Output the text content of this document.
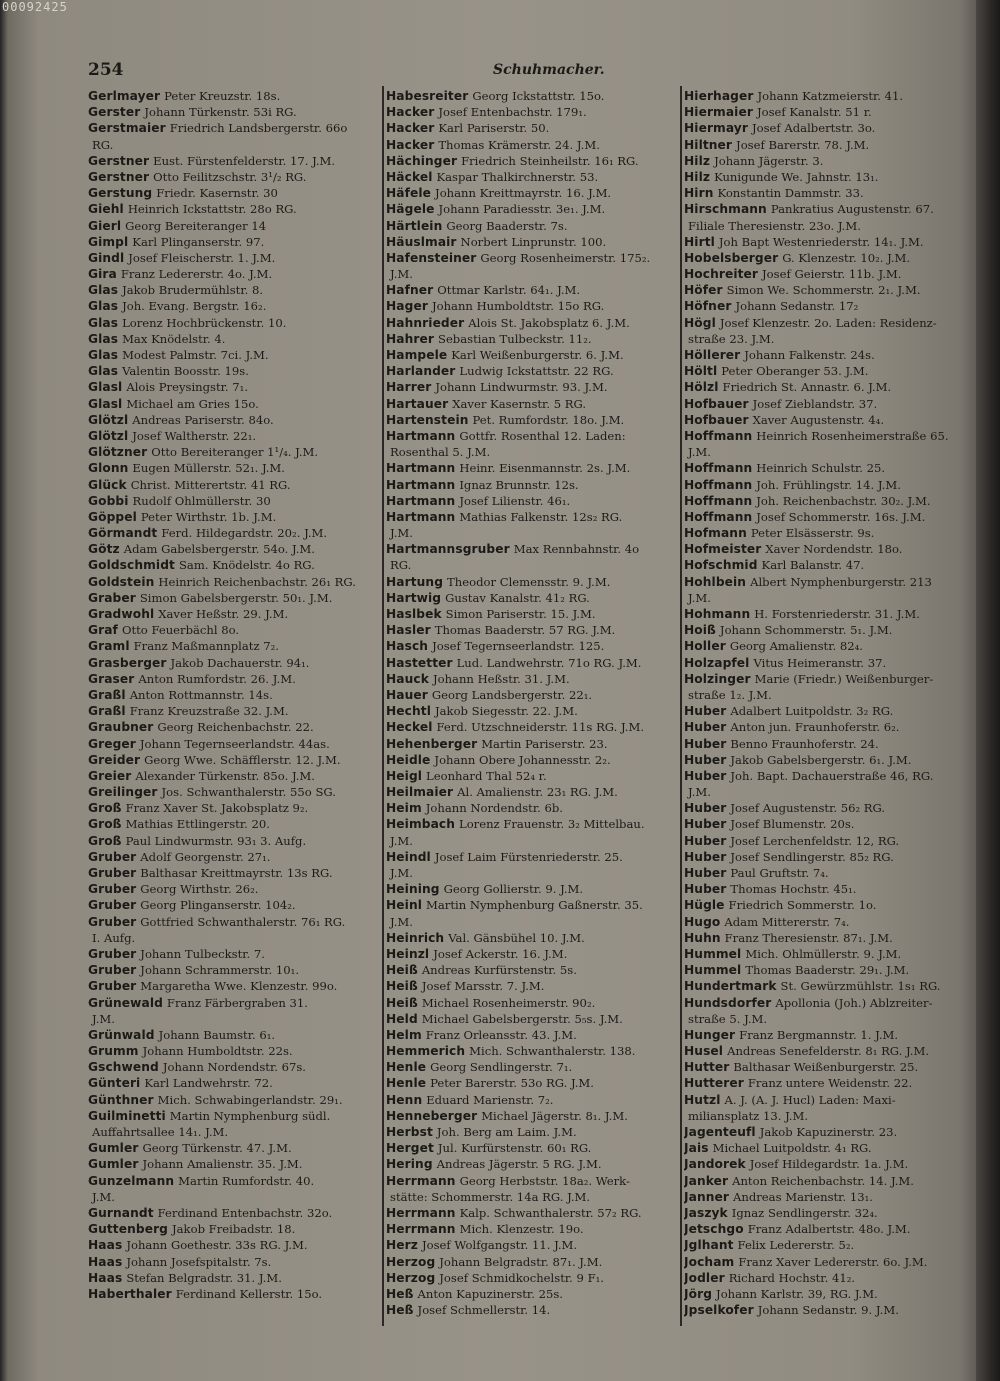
00092425
254	Schuhmacher.
Gerlmayer Peter Kreuzstr. 18s.
Gerster Johann Türkenstr. 53i RG.
Gerstmaier Friedrich Landsbergerstr. 66o
RG.
Gerstner Eust. Fürstenfelderstr. 17. J.M.
Gerstner Otto Feilitzschstr. 3¹/₂ RG.
Gerstung Friedr. Kasernstr. 30
Giehl Heinrich Ickstattstr. 28o RG.
Gierl Georg Bereiteranger 14
Gimpl Karl Plinganserstr. 97.
Gindl Josef Fleischerstr. 1. J.M.
Gira Franz Ledererstr. 4o. J.M.
Glas Jakob Brudermühlstr. 8.
Glas Joh. Evang. Bergstr. 16₂.
Glas Lorenz Hochbrückenstr. 10.
Glas Max Knödelstr. 4.
Glas Modest Palmstr. 7ci. J.M.
Glas Valentin Boosstr. 19s.
Glasl Alois Preysingstr. 7₁.
Glasl Michael am Gries 15o.
Glötzl Andreas Pariserstr. 84o.
Glötzl Josef Waltherstr. 22₁.
Glötzner Otto Bereiteranger 1¹/₄. J.M.
Glonn Eugen Müllerstr. 52₁. J.M.
Glück Christ. Mitterertstr. 41 RG.
Gobbi Rudolf Ohlmüllerstr. 30
Göppel Peter Wirthstr. 1b. J.M.
Görmandt Ferd. Hildegardstr. 20₂. J.M.
Götz Adam Gabelsbergerstr. 54o. J.M.
Goldschmidt Sam. Knödelstr. 4o RG.
Goldstein Heinrich Reichenbachstr. 26₁ RG.
Graber Simon Gabelsbergerstr. 50₁. J.M.
Gradwohl Xaver Heßstr. 29. J.M.
Graf Otto Feuerbächl 8o.
Graml Franz Maßmannplatz 7₂.
Grasberger Jakob Dachauerstr. 94₁.
Graser Anton Rumfordstr. 26. J.M.
Graßl Anton Rottmannstr. 14s.
Graßl Franz Kreuzstraße 32. J.M.
Graubner Georg Reichenbachstr. 22.
Greger Johann Tegernseerlandstr. 44as.
Greider Georg Wwe. Schäfflerstr. 12. J.M.
Greier Alexander Türkenstr. 85o. J.M.
Greilinger Jos. Schwanthalerstr. 55o SG.
Groß Franz Xaver St. Jakobsplatz 9₂.
Groß Mathias Ettlingerstr. 20.
Groß Paul Lindwurmstr. 93₁ 3. Aufg.
Gruber Adolf Georgenstr. 27₁.
Gruber Balthasar Kreittmayrstr. 13s RG.
Gruber Georg Wirthstr. 26₂.
Gruber Georg Plinganserstr. 104₂.
Gruber Gottfried Schwanthalerstr. 76₁ RG.
I. Aufg.
Gruber Johann Tulbeckstr. 7.
Gruber Johann Schrammerstr. 10₁.
Gruber Margaretha Wwe. Klenzestr. 99o.
Grünewald Franz Färbergraben 31.
J.M.
Grünwald Johann Baumstr. 6₁.
Grumm Johann Humboldtstr. 22s.
Gschwend Johann Nordendstr. 67s.
Günteri Karl Landwehrstr. 72.
Günthner Mich. Schwabingerlandstr. 29₁.
Guilminetti Martin Nymphenburg südl.
Auffahrtsallee 14₁. J.M.
Gumler Georg Türkenstr. 47. J.M.
Gumler Johann Amalienstr. 35. J.M.
Gunzelmann Martin Rumfordstr. 40.
J.M.
Gurnandt Ferdinand Entenbachstr. 32o.
Guttenberg Jakob Freibadstr. 18.
Haas Johann Goethestr. 33s RG. J.M.
Haas Johann Josefspitalstr. 7s.
Haas Stefan Belgradstr. 31. J.M.
Haberthaler Ferdinand Kellerstr. 15o.
Habesreiter Georg Ickstattstr. 15o.
Hacker Josef Entenbachstr. 179₁.
Hacker Karl Pariserstr. 50.
Hacker Thomas Krämerstr. 24. J.M.
Hächinger Friedrich Steinheilstr. 16₁ RG.
Häckel Kaspar Thalkirchnerstr. 53.
Häfele Johann Kreittmayrstr. 16. J.M.
Hägele Johann Paradiesstr. 3e₁. J.M.
Härtlein Georg Baaderstr. 7s.
Häuslmair Norbert Linprunstr. 100.
Hafensteiner Georg Rosenheimerstr. 175₂.
J.M.
Hafner Ottmar Karlstr. 64₁. J.M.
Hager Johann Humboldtstr. 15o RG.
Hahnrieder Alois St. Jakobsplatz 6. J.M.
Hahrer Sebastian Tulbeckstr. 11₂.
Hampele Karl Weißenburgerstr. 6. J.M.
Harlander Ludwig Ickstattstr. 22 RG.
Harrer Johann Lindwurmstr. 93. J.M.
Hartauer Xaver Kasernstr. 5 RG.
Hartenstein Pet. Rumfordstr. 18o. J.M.
Hartmann Gottfr. Rosenthal 12. Laden:
Rosenthal 5. J.M.
Hartmann Heinr. Eisenmannstr. 2s. J.M.
Hartmann Ignaz Brunnstr. 12s.
Hartmann Josef Lilienstr. 46₁.
Hartmann Mathias Falkenstr. 12s₂ RG.
J.M.
Hartmannsgruber Max Rennbahnstr. 4o
RG.
Hartung Theodor Clemensstr. 9. J.M.
Hartwig Gustav Kanalstr. 41₂ RG.
Haslbek Simon Pariserstr. 15. J.M.
Hasler Thomas Baaderstr. 57 RG. J.M.
Hasch Josef Tegernseerlandstr. 125.
Hastetter Lud. Landwehrstr. 71o RG. J.M.
Hauck Johann Heßstr. 31. J.M.
Hauer Georg Landsbergerstr. 22₁.
Hechtl Jakob Siegesstr. 22. J.M.
Heckel Ferd. Utzschneiderstr. 11s RG. J.M.
Hehenberger Martin Pariserstr. 23.
Heidle Johann Obere Johannesstr. 2₂.
Heigl Leonhard Thal 52₄ r.
Heilmaier Al. Amalienstr. 23₁ RG. J.M.
Heim Johann Nordendstr. 6b.
Heimbach Lorenz Frauenstr. 3₂ Mittelbau.
J.M.
Heindl Josef Laim Fürstenriederstr. 25.
J.M.
Heining Georg Gollierstr. 9. J.M.
Heinl Martin Nymphenburg Gaßnerstr. 35.
J.M.
Heinrich Val. Gänsbühel 10. J.M.
Heinzl Josef Ackerstr. 16. J.M.
Heiß Andreas Kurfürstenstr. 5s.
Heiß Josef Marsstr. 7. J.M.
Heiß Michael Rosenheimerstr. 90₂.
Held Michael Gabelsbergerstr. 5₅s. J.M.
Helm Franz Orleansstr. 43. J.M.
Hemmerich Mich. Schwanthalerstr. 138.
Henle Georg Sendlingerstr. 7₁.
Henle Peter Barerstr. 53o RG. J.M.
Henn Eduard Marienstr. 7₂.
Henneberger Michael Jägerstr. 8₁. J.M.
Herbst Joh. Berg am Laim. J.M.
Herget Jul. Kurfürstenstr. 60₁ RG.
Hering Andreas Jägerstr. 5 RG. J.M.
Herrmann Georg Herbststr. 18a₂. Werk-
stätte: Schommerstr. 14a RG. J.M.
Herrmann Kalp. Schwanthalerstr. 57₂ RG.
Herrmann Mich. Klenzestr. 19o.
Herz Josef Wolfgangstr. 11. J.M.
Herzog Johann Belgradstr. 87₁. J.M.
Herzog Josef Schmidkochelstr. 9 F₁.
Heß Anton Kapuzinerstr. 25s.
Heß Josef Schmellerstr. 14.
Hierhager Johann Katzmeierstr. 41.
Hiermaier Josef Kanalstr. 51 r.
Hiermayr Josef Adalbertstr. 3o.
Hiltner Josef Barerstr. 78. J.M.
Hilz Johann Jägerstr. 3.
Hilz Kunigunde We. Jahnstr. 13₁.
Hirn Konstantin Dammstr. 33.
Hirschmann Pankratius Augustenstr. 67.
Filiale Theresienstr. 23o. J.M.
Hirtl Joh Bapt Westenriederstr. 14₁. J.M.
Hobelsberger G. Klenzestr. 10₂. J.M.
Hochreiter Josef Geierstr. 11b. J.M.
Höfer Simon We. Schommerstr. 2₁. J.M.
Höfner Johann Sedanstr. 17₂
Högl Josef Klenzestr. 2o. Laden: Residenz-
straße 23. J.M.
Höllerer Johann Falkenstr. 24s.
Höltl Peter Oberanger 53. J.M.
Hölzl Friedrich St. Annastr. 6. J.M.
Hofbauer Josef Zieblandstr. 37.
Hofbauer Xaver Augustenstr. 4₄.
Hoffmann Heinrich Rosenheimerstraße 65.
J.M.
Hoffmann Heinrich Schulstr. 25.
Hoffmann Joh. Frühlingstr. 14. J.M.
Hoffmann Joh. Reichenbachstr. 30₂. J.M.
Hoffmann Josef Schommerstr. 16s. J.M.
Hofmann Peter Elsässerstr. 9s.
Hofmeister Xaver Nordendstr. 18o.
Hofschmid Karl Balanstr. 47.
Hohlbein Albert Nymphenburgerstr. 213
J.M.
Hohmann H. Forstenriederstr. 31. J.M.
Hoiß Johann Schommerstr. 5₁. J.M.
Holler Georg Amalienstr. 82₄.
Holzapfel Vitus Heimeranstr. 37.
Holzinger Marie (Friedr.) Weißenburger-
straße 1₂. J.M.
Huber Adalbert Luitpoldstr. 3₂ RG.
Huber Anton jun. Fraunhoferstr. 6₂.
Huber Benno Fraunhoferstr. 24.
Huber Jakob Gabelsbergerstr. 6₁. J.M.
Huber Joh. Bapt. Dachauerstraße 46, RG.
J.M.
Huber Josef Augustenstr. 56₂ RG.
Huber Josef Blumenstr. 20s.
Huber Josef Lerchenfeldstr. 12, RG.
Huber Josef Sendlingerstr. 85₂ RG.
Huber Paul Gruftstr. 7₄.
Huber Thomas Hochstr. 45₁.
Hügle Friedrich Sommerstr. 1o.
Hugo Adam Mittererstr. 7₄.
Huhn Franz Theresienstr. 87₁. J.M.
Hummel Mich. Ohlmüllerstr. 9. J.M.
Hummel Thomas Baaderstr. 29₁. J.M.
Hundertmark St. Gewürzmühlstr. 1s₁ RG.
Hundsdorfer Apollonia (Joh.) Ablzreiter-
straße 5. J.M.
Hunger Franz Bergmannstr. 1. J.M.
Husel Andreas Senefelderstr. 8₁ RG. J.M.
Hutter Balthasar Weißenburgerstr. 25.
Hutterer Franz untere Weidenstr. 22.
Hutzl A. J. (A. J. Hucl) Laden: Maxi-
miliansplatz 13. J.M.
Jagenteufl Jakob Kapuzinerstr. 23.
Jais Michael Luitpoldstr. 4₁ RG.
Jandorek Josef Hildegardstr. 1a. J.M.
Janker Anton Reichenbachstr. 14. J.M.
Janner Andreas Marienstr. 13₁.
Jaszyk Ignaz Sendlingerstr. 32₄.
Jetschgo Franz Adalbertstr. 48o. J.M.
Jglhant Felix Ledererstr. 5₂.
Jocham Franz Xaver Ledererstr. 6o. J.M.
Jodler Richard Hochstr. 41₂.
Jörg Johann Karlstr. 39, RG. J.M.
Jpselkofer Johann Sedanstr. 9. J.M.
